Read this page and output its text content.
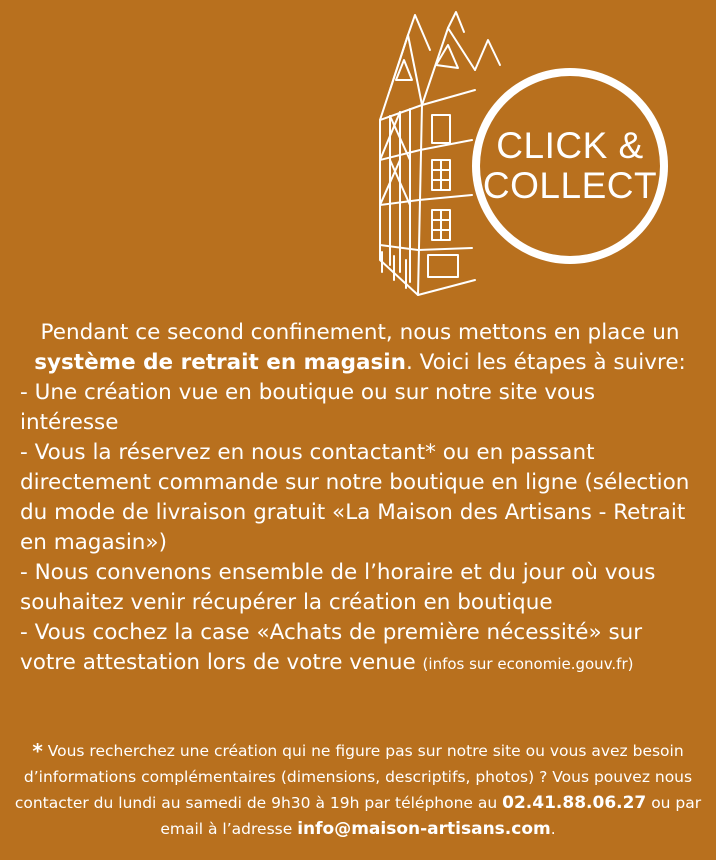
CLICK &
COLLECT
Pendant ce second confinement, nous mettons en place un
système de retrait en magasin. Voici les étapes à suivre:

- Une création vue en boutique ou sur notre site vous intéresse

- Vous la réservez en nous contactant* ou en passant directement commande sur notre boutique en ligne (sélection du mode de livraison gratuit «La Maison des Artisans - Retrait en magasin»)

- Nous convenons ensemble de l’horaire et du jour où vous souhaitez venir récupérer la création en boutique

- Vous cochez la case «Achats de première nécessité» sur votre attestation lors de votre venue (infos sur economie.gouv.fr)

* Vous recherchez une création qui ne figure pas sur notre site ou vous avez besoin d’informations complémentaires (dimensions, descriptifs, photos) ? Vous pouvez nous contacter du lundi au samedi de 9h30 à 19h par téléphone au 02.41.88.06.27 ou par email à l’adresse info@maison-artisans.com.
